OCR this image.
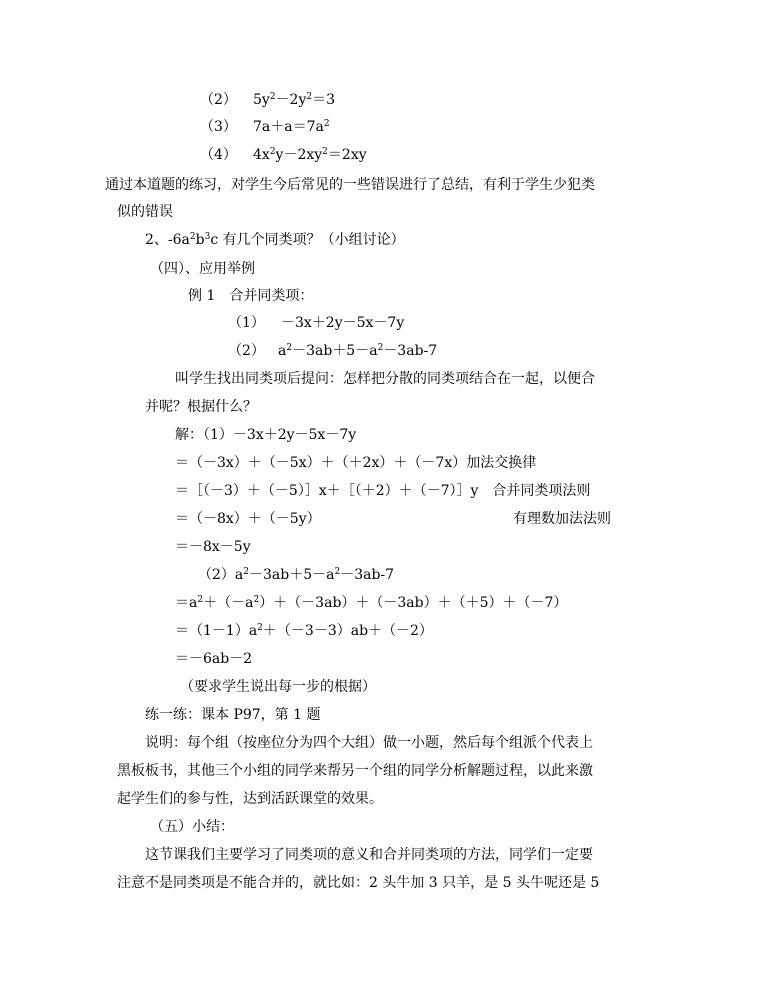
（2） $5y^2-2y^2=3$
（3） $7a+a=7a^2$
（4） $4x^2y-2xy^2=2xy$
通过本道题的练习，对学生今后常见的一些错误进行了总结，有利于学生少犯类
似的错误
2、$-6a^2b^3c$ 有几个同类项？（小组讨论）
（四）、应用举例
例 1　合并同类项：
（1） －3x＋2y－5x－7y
（2） $a^2-3ab+5-a^2-3ab-7$
叫学生找出同类项后提问：怎样把分散的同类项结合在一起，以便合
并呢？根据什么？
解：（1）－3x＋2y－5x－7y
＝（－3x）＋（－5x）＋（＋2x）＋（－7x）加法交换律
＝［（－3）＋（－5）］x＋［（＋2）＋（－7）］y　合并同类项法则
＝（－8x）＋（－5y）	有理数加法法则
＝－8x－5y
$(2)a^2-3ab+5-a^2-3ab-7$
$=a^2+(-a^2)+(-3ab)+(-3ab)+(+5)+(-7)$
$=(1-1)a^2+(-3-3)ab+(-2)$
＝－6ab－2
（要求学生说出每一步的根据）
练一练：课本 P97，第 1 题
说明：每个组（按座位分为四个大组）做一小题，然后每个组派个代表上
黑板板书，其他三个小组的同学来帮另一个组的同学分析解题过程，以此来激
起学生们的参与性，达到活跃课堂的效果。
（五）小结：
这节课我们主要学习了同类项的意义和合并同类项的方法，同学们一定要
注意不是同类项是不能合并的，就比如：2 头牛加 3 只羊，是 5 头牛呢还是 5
